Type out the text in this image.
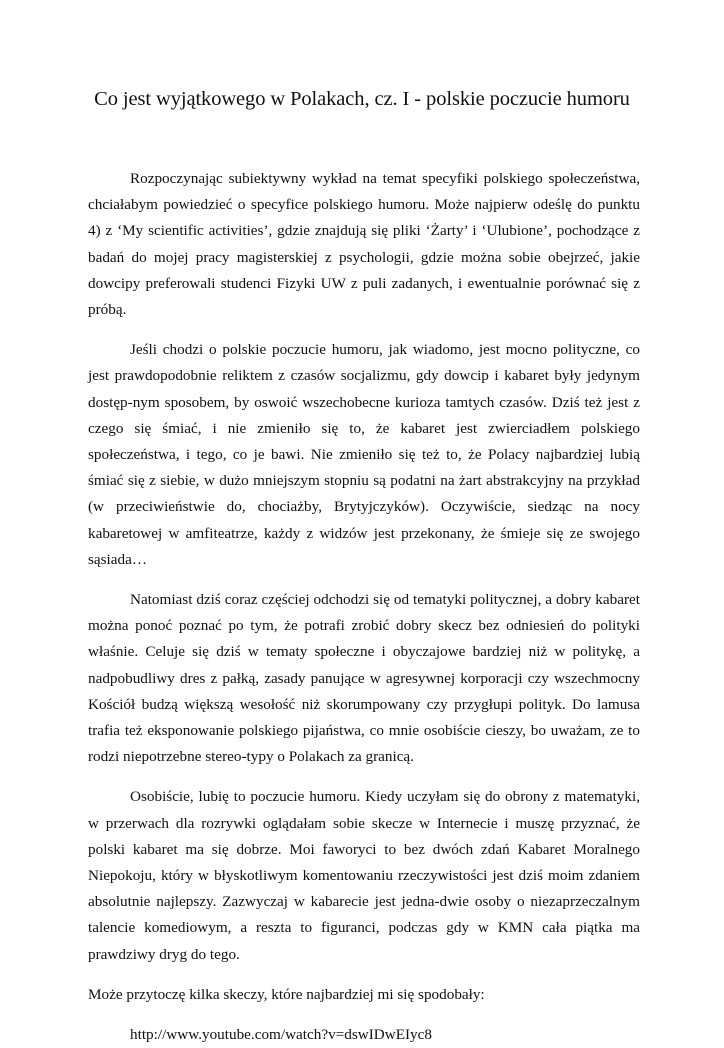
Co jest wyjątkowego w Polakach, cz. I - polskie poczucie humoru

Rozpoczynając subiektywny wykład na temat specyfiki polskiego społeczeństwa, chciałabym powiedzieć o specyfice polskiego humoru. Może najpierw odeślę do punktu 4) z ‘My scientific activities’, gdzie znajdują się pliki ‘Żarty’ i ‘Ulubione’, pochodzące z badań do mojej pracy magisterskiej z psychologii, gdzie można sobie obejrzeć, jakie dowcipy preferowali studenci Fizyki UW z puli zadanych, i ewentualnie porównać się z próbą.

Jeśli chodzi o polskie poczucie humoru, jak wiadomo, jest mocno polityczne, co jest prawdopodobnie reliktem z czasów socjalizmu, gdy dowcip i kabaret były jedynym dostęp-nym sposobem, by oswoić wszechobecne kurioza tamtych czasów. Dziś też jest z czego się śmiać, i nie zmieniło się to, że kabaret jest zwierciadłem polskiego społeczeństwa, i tego, co je bawi. Nie zmieniło się też to, że Polacy najbardziej lubią śmiać się z siebie, w dużo mniejszym stopniu są podatni na żart abstrakcyjny na przykład (w przeciwieństwie do, chociażby, Brytyjczyków). Oczywiście, siedząc na nocy kabaretowej w amfiteatrze, każdy z widzów jest przekonany, że śmieje się ze swojego sąsiada…

Natomiast dziś coraz częściej odchodzi się od tematyki politycznej, a dobry kabaret można ponoć poznać po tym, że potrafi zrobić dobry skecz bez odniesień do polityki właśnie. Celuje się dziś w tematy społeczne i obyczajowe bardziej niż w politykę, a nadpobudliwy dres z pałką, zasady panujące w agresywnej korporacji czy wszechmocny Kościół budzą większą wesołość niż skorumpowany czy przygłupi polityk. Do lamusa trafia też eksponowanie polskiego pijaństwa, co mnie osobiście cieszy, bo uważam, ze to rodzi niepotrzebne stereo-typy o Polakach za granicą.

Osobiście, lubię to poczucie humoru. Kiedy uczyłam się do obrony z matematyki, w przerwach dla rozrywki oglądałam sobie skecze w Internecie i muszę przyznać, że polski kabaret ma się dobrze. Moi faworyci to bez dwóch zdań Kabaret Moralnego Niepokoju, który w błyskotliwym komentowaniu rzeczywistości jest dziś moim zdaniem absolutnie najlepszy. Zazwyczaj w kabarecie jest jedna-dwie osoby o niezaprzeczalnym talencie komediowym, a reszta to figuranci, podczas gdy w KMN cała piątka ma prawdziwy dryg do tego.

Może przytoczę kilka skeczy, które najbardziej mi się spodobały:

http://www.youtube.com/watch?v=dswIDwEIyc8
